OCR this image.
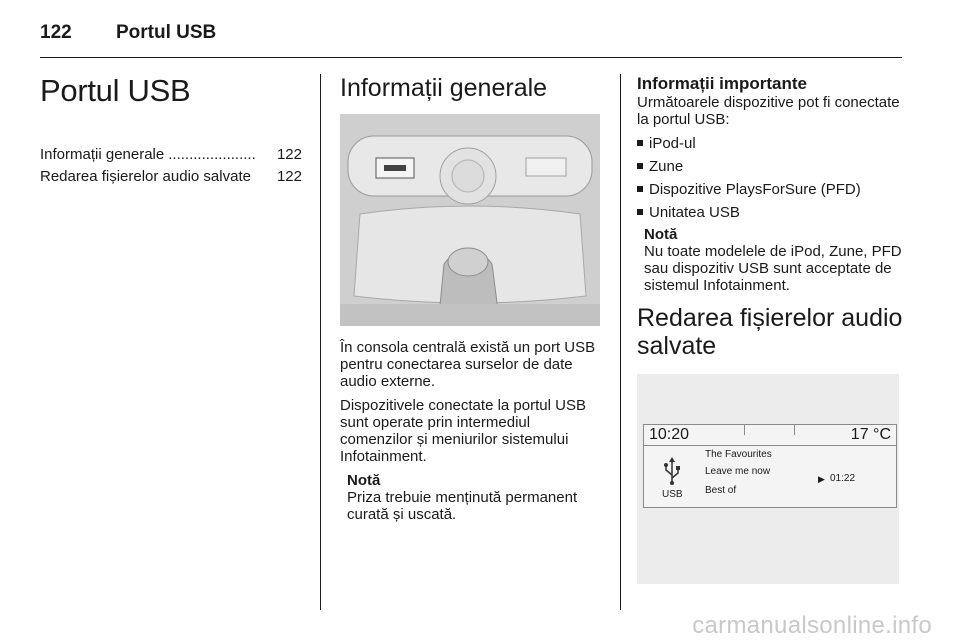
122 Portul USB
Portul USB
Informații generale .....................	122
Redarea fișierelor audio salvate 122
Informații generale

În consola centrală există un port USB pentru conectarea surselor de date audio externe.

Dispozitivele conectate la portul USB sunt operate prin intermediul comenzilor și meniurilor sistemului Infotainment.

Notă

Priza trebuie menținută permanent curată și uscată.

Informații importante

Următoarele dispozitive pot fi conectate la portul USB:

iPod-ul
Zune
Dispozitive PlaysForSure (PFD)
Unitatea USB
Notă

Nu toate modelele de iPod, Zune, PFD sau dispozitiv USB sunt acceptate de sistemul Infotainment.

Redarea fișierelor audio salvate
10:20	17 °C
The Favourites
Leave me now
Best of
USB
▶ 01:22
carmanualsonline.info
